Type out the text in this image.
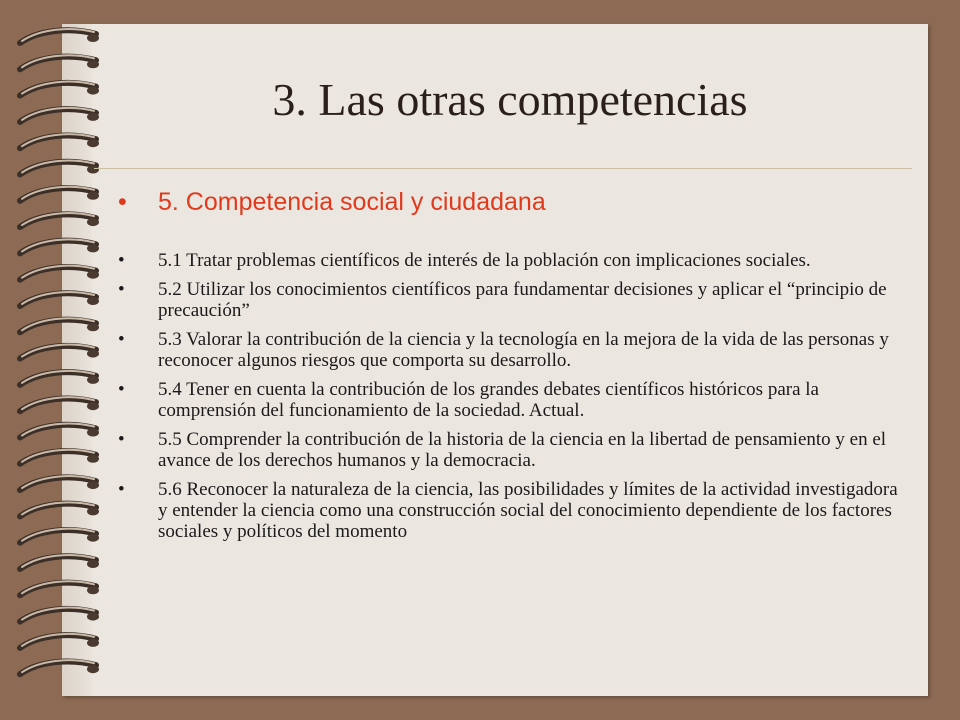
3. Las otras competencias
• 5. Competencia social y ciudadana
• 5.1 Tratar problemas científicos de interés de la población con implicaciones sociales.
• 5.2 Utilizar los conocimientos científicos para fundamentar decisiones y aplicar el “principio de precaución”
• 5.3 Valorar la contribución de la ciencia y la tecnología en la mejora de la vida de las personas y reconocer algunos riesgos que comporta su desarrollo.
• 5.4 Tener en cuenta la contribución de los grandes debates científicos históricos para la comprensión del funcionamiento de la sociedad. Actual.
• 5.5 Comprender la contribución de la historia de la ciencia en la libertad de pensamiento y en el avance de los derechos humanos y la democracia.
• 5.6 Reconocer la naturaleza de la ciencia, las posibilidades y límites de la actividad investigadora y entender la ciencia como una construcción social del conocimiento dependiente de los factores sociales y políticos del momento
